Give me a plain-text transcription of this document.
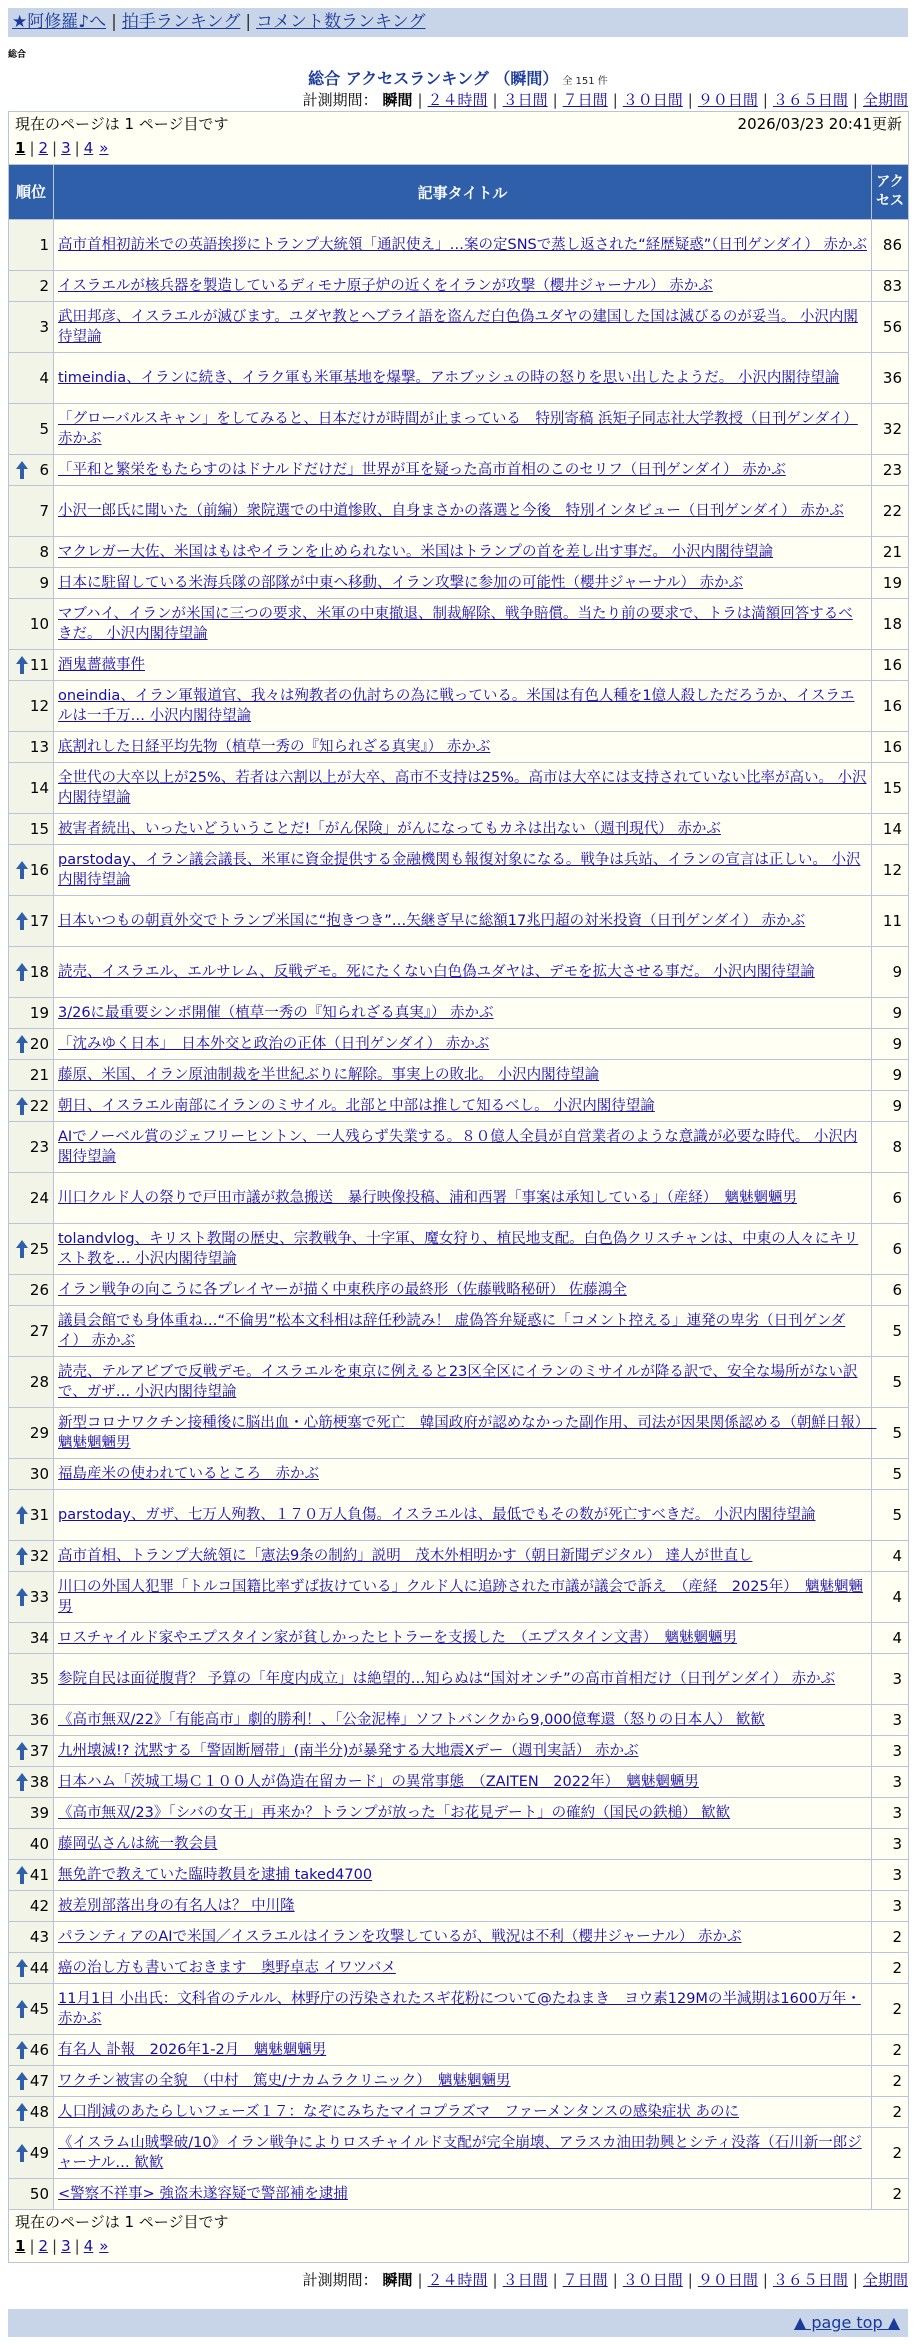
★阿修羅♪へ | 拍手ランキング | コメント数ランキング
総合
総合 アクセスランキング （瞬間） 全 151 件
計測期間： 瞬間 | ２４時間 | ３日間 | ７日間 | ３０日間 | ９０日間 | ３６５日間 | 全期間
現在のページは 1 ページ目です 2026/03/23 20:41更新
1 | 2 | 3 | 4 »		

順位	記事タイトル	アクセス
1	高市首相初訪米での英語挨拶にトランプ大統領「通訳使え」…案の定SNSで蒸し返された“経歴疑惑”（日刊ゲンダイ） 赤かぶ	86
2	イスラエルが核兵器を製造しているディモナ原子炉の近くをイランが攻撃（櫻井ジャーナル） 赤かぶ	83
3	武田邦彦、イスラエルが滅びます。ユダヤ教とヘブライ語を盗んだ白色偽ユダヤの建国した国は滅びるのが妥当。 小沢内閣待望論	56
4	timeindia、イランに続き、イラク軍も米軍基地を爆撃。アホブッシュの時の怒りを思い出したようだ。 小沢内閣待望論	36
5	「グローバルスキャン」をしてみると、日本だけが時間が止まっている　特別寄稿 浜矩子同志社大学教授（日刊ゲンダイ） 赤かぶ	32

6	「平和と繁栄をもたらすのはドナルドだけだ」世界が耳を疑った高市首相のこのセリフ（日刊ゲンダイ） 赤かぶ	23
7	小沢一郎氏に聞いた（前編）衆院選での中道惨敗、自身まさかの落選と今後　特別インタビュー（日刊ゲンダイ） 赤かぶ	22
8	マクレガー大佐、米国はもはやイランを止められない。米国はトランプの首を差し出す事だ。 小沢内閣待望論	21
9	日本に駐留している米海兵隊の部隊が中東へ移動、イラン攻撃に参加の可能性（櫻井ジャーナル） 赤かぶ	19
10	マブハイ、イランが米国に三つの要求、米軍の中東撤退、制裁解除、戦争賠償。当たり前の要求で、トラは満額回答するべきだ。 小沢内閣待望論	18

11	酒鬼薔薇事件	16
12	oneindia、イラン軍報道官、我々は殉教者の仇討ちの為に戦っている。米国は有色人種を1億人殺しただろうか、イスラエルは一千万… 小沢内閣待望論	16
13	底割れした日経平均先物（植草一秀の『知られざる真実』） 赤かぶ	16
14	全世代の大卒以上が25%、若者は六割以上が大卒、高市不支持は25%。高市は大卒には支持されていない比率が高い。 小沢内閣待望論	15
15	被害者続出、いったいどういうことだ!「がん保険」がんになってもカネは出ない（週刊現代） 赤かぶ	14

16	parstoday、イラン議会議長、米軍に資金提供する金融機関も報復対象になる。戦争は兵站、イランの宣言は正しい。 小沢内閣待望論	12

17	日本いつもの朝貢外交でトランプ米国に“抱きつき”…矢継ぎ早に総額17兆円超の対米投資（日刊ゲンダイ） 赤かぶ	11

18	読売、イスラエル、エルサレム、反戦デモ。死にたくない白色偽ユダヤは、デモを拡大させる事だ。 小沢内閣待望論	9
19	3/26に最重要シンポ開催（植草一秀の『知られざる真実』） 赤かぶ	9

20	「沈みゆく日本」　日本外交と政治の正体（日刊ゲンダイ） 赤かぶ	9
21	藤原、米国、イラン原油制裁を半世紀ぶりに解除。事実上の敗北。 小沢内閣待望論	9

22	朝日、イスラエル南部にイランのミサイル。北部と中部は推して知るべし。 小沢内閣待望論	9
23	AIでノーベル賞のジェフリーヒントン、一人残らず失業する。８０億人全員が自営業者のような意識が必要な時代。 小沢内閣待望論	8
24	川口クルド人の祭りで戸田市議が救急搬送　暴行映像投稿、浦和西署「事案は承知している」（産経）　魑魅魍魎男	6

25	tolandvlog、キリスト教聞の歴史、宗教戦争、十字軍、魔女狩り、植民地支配。白色偽クリスチャンは、中東の人々にキリスト教を… 小沢内閣待望論	6
26	イラン戦争の向こうに各プレイヤーが描く中東秩序の最終形（佐藤戦略秘研） 佐藤鴻全	6
27	議員会館でも身体重ね…“不倫男”松本文科相は辞任秒読み！ 虚偽答弁疑惑に「コメント控える」連発の卑劣（日刊ゲンダイ） 赤かぶ	5
28	読売、テルアビブで反戦デモ。イスラエルを東京に例えると23区全区にイランのミサイルが降る訳で、安全な場所がない訳で、ガザ… 小沢内閣待望論	5
29	新型コロナワクチン接種後に脳出血・心筋梗塞で死亡　韓国政府が認めなかった副作用、司法が因果関係認める（朝鮮日報）　魑魅魍魎男	5
30	福島産米の使われているところ　赤かぶ	5

31	parstoday、ガザ、七万人殉教、１７０万人負傷。イスラエルは、最低でもその数が死亡すべきだ。 小沢内閣待望論	5

32	高市首相、トランプ大統領に「憲法9条の制約」説明　茂木外相明かす（朝日新聞デジタル） 達人が世直し	4

33	川口の外国人犯罪「トルコ国籍比率ずば抜けている」クルド人に追跡された市議が議会で訴え　（産経　2025年）　魑魅魍魎男	4
34	ロスチャイルド家やエプスタイン家が貧しかったヒトラーを支援した　（エプスタイン文書）　魑魅魍魎男	4
35	参院自民は面従腹背？ 予算の「年度内成立」は絶望的…知らぬは“国対オンチ”の高市首相だけ（日刊ゲンダイ） 赤かぶ	3
36	《高市無双/22》「有能高市」劇的勝利！、「公金泥棒」ソフトバンクから9,000億奪還（怒りの日本人） 歓歓	3

37	九州壊滅!? 沈黙する「警固断層帯」(南半分)が暴発する大地震Xデー（週刊実話） 赤かぶ	3

38	日本ハム「茨城工場Ｃ１００人が偽造在留カード」の異常事態　（ZAITEN　2022年）　魑魅魍魎男	3
39	《高市無双/23》「シバの女王」再来か？トランプが放った「お花見デート」の確約（国民の鉄槌） 歓歓	3
40	藤岡弘さんは統一教会員	3

41	無免許で教えていた臨時教員を逮捕 taked4700	3
42	被差別部落出身の有名人は？ 中川隆	3
43	パランティアのAIで米国／イスラエルはイランを攻撃しているが、戦況は不利（櫻井ジャーナル） 赤かぶ	2

44	癌の治し方も書いておきます　奥野卓志 イワツバメ	2

45	11月1日 小出氏：文科省のテルル、林野庁の汚染されたスギ花粉について@たねまき　ヨウ素129Mの半減期は1600万年・ 赤かぶ	2

46	有名人 訃報　2026年1-2月　魑魅魍魎男	2

47	ワクチン被害の全貌　（中村　篤史/ナカムラクリニック）　魑魅魍魎男	2

48	人口削減のあたらしいフェーズ１７：なぞにみちたマイコプラズマ　ファーメンタンスの感染症状 あのに	2

49	《イスラム山賊撃破/10》イラン戦争によりロスチャイルド支配が完全崩壊、アラスカ油田勃興とシティ没落（石川新一郎ジャーナル… 歓歓	2
50	<警察不祥事> 強盗未遂容疑で警部補を逮捕	2

現在のページは 1 ページ目です
1 | 2 | 3 | 4 »		
計測期間： 瞬間 | ２４時間 | ３日間 | ７日間 | ３０日間 | ９０日間 | ３６５日間 | 全期間
▲ page top ▲
